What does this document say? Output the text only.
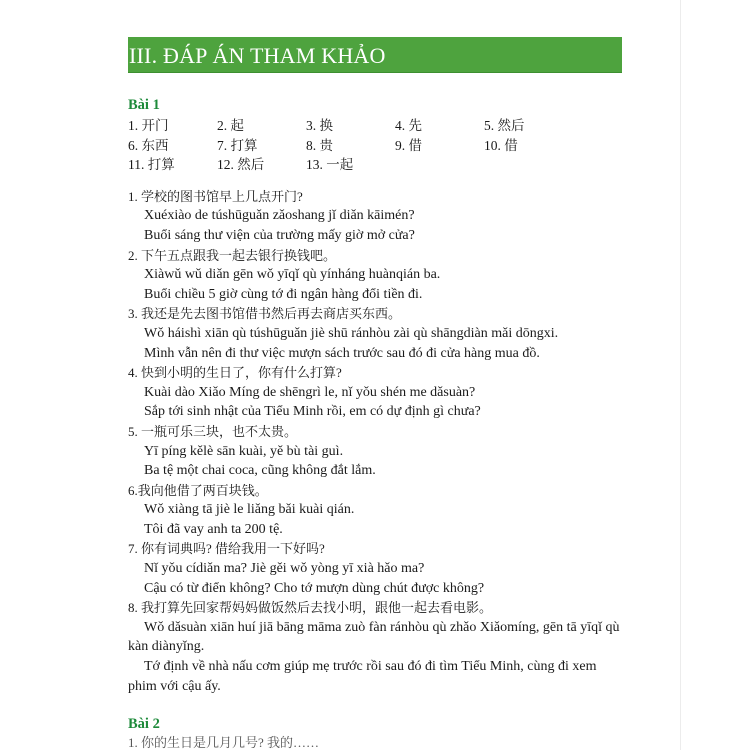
III. ĐÁP ÁN THAM KHẢO
Bài 1
1. 开门	2. 起	3. 换	4. 先	5. 然后
6. 东西	7. 打算	8. 贵	9. 借	10. 借
11. 打算	12. 然后	13. 一起
1. 学校的图书馆早上几点开门?
Xuéxiào de túshūguǎn zǎoshang jǐ diǎn kāimén?
Buổi sáng thư viện của trường mấy giờ mở cửa?
2. 下午五点跟我一起去银行换钱吧。
Xiàwǔ wǔ diǎn gēn wǒ yīqǐ qù yínháng huànqián ba.
Buổi chiều 5 giờ cùng tớ đi ngân hàng đổi tiền đi.
3. 我还是先去图书馆借书然后再去商店买东西。
Wǒ háishì xiān qù túshūguǎn jiè shū ránhòu zài qù shāngdiàn mǎi dōngxi.
Mình vẫn nên đi thư việc mượn sách trước sau đó đi cửa hàng mua đồ.
4. 快到小明的生日了，你有什么打算?
Kuài dào Xiǎo Míng de shēngrì le, nǐ yǒu shén me dǎsuàn?
Sắp tới sinh nhật của Tiểu Minh rồi, em có dự định gì chưa?
5. 一瓶可乐三块，也不太贵。
Yī píng kělè sān kuài, yě bù tài guì.
Ba tệ một chai coca, cũng không đắt lắm.
6.我向他借了两百块钱。
Wǒ xiàng tā jiè le liǎng bǎi kuài qián.
Tôi đã vay anh ta 200 tệ.
7. 你有词典吗? 借给我用一下好吗?
Nǐ yǒu cídiǎn ma? Jiè gěi wǒ yòng yī xià hǎo ma?
Cậu có từ điển không? Cho tớ mượn dùng chút được không?
8. 我打算先回家帮妈妈做饭然后去找小明，跟他一起去看电影。
Wǒ dǎsuàn xiān huí jiā bāng māma zuò fàn ránhòu qù zhǎo Xiǎomíng, gēn tā yīqǐ qù kàn diànyǐng.
Tớ định về nhà nấu cơm giúp mẹ trước rồi sau đó đi tìm Tiểu Minh, cùng đi xem phim với cậu ấy.
Bài 2
1. 你的生日是几月几号? 我的……
